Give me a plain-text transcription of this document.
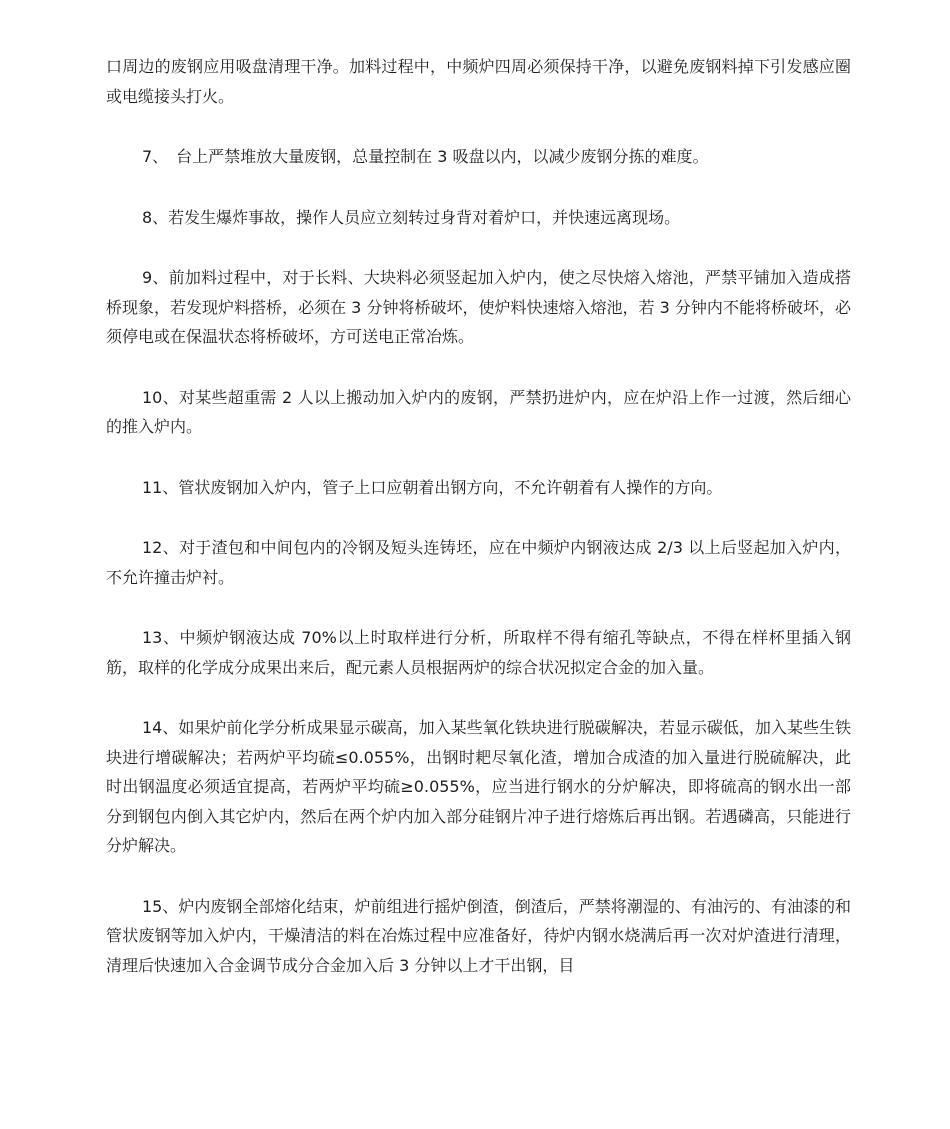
口周边的废钢应用吸盘清理干净。加料过程中，中频炉四周必须保持干净，以避免废钢料掉下引发感应圈或电缆接头打火。

7、　台上严禁堆放大量废钢，总量控制在 3 吸盘以内，以减少废钢分拣的难度。

8、若发生爆炸事故，操作人员应立刻转过身背对着炉口，并快速远离现场。

9、前加料过程中，对于长料、大块料必须竖起加入炉内，使之尽快熔入熔池，严禁平铺加入造成搭桥现象，若发现炉料搭桥，必须在 3 分钟将桥破坏，使炉料快速熔入熔池，若 3 分钟内不能将桥破坏，必须停电或在保温状态将桥破坏，方可送电正常冶炼。

10、对某些超重需 2 人以上搬动加入炉内的废钢，严禁扔进炉内，应在炉沿上作一过渡，然后细心的推入炉内。

11、管状废钢加入炉内，管子上口应朝着出钢方向，不允许朝着有人操作的方向。

12、对于渣包和中间包内的冷钢及短头连铸坯，应在中频炉内钢液达成 2/3 以上后竖起加入炉内，不允许撞击炉衬。

13、中频炉钢液达成 70%以上时取样进行分析，所取样不得有缩孔等缺点，不得在样杯里插入钢筋，取样的化学成分成果出来后，配元素人员根据两炉的综合状况拟定合金的加入量。

14、如果炉前化学分析成果显示碳高，加入某些氧化铁块进行脱碳解决，若显示碳低，加入某些生铁块进行增碳解决；若两炉平均硫≤0.055%，出钢时耙尽氧化渣，增加合成渣的加入量进行脱硫解决，此时出钢温度必须适宜提高，若两炉平均硫≥0.055%，应当进行钢水的分炉解决，即将硫高的钢水出一部分到钢包内倒入其它炉内，然后在两个炉内加入部分硅钢片冲子进行熔炼后再出钢。若遇磷高，只能进行分炉解决。

15、炉内废钢全部熔化结束，炉前组进行摇炉倒渣，倒渣后，严禁将潮湿的、有油污的、有油漆的和管状废钢等加入炉内，干燥清洁的料在冶炼过程中应准备好，待炉内钢水烧满后再一次对炉渣进行清理，清理后快速加入合金调节成分合金加入后 3 分钟以上才干出钢，目
